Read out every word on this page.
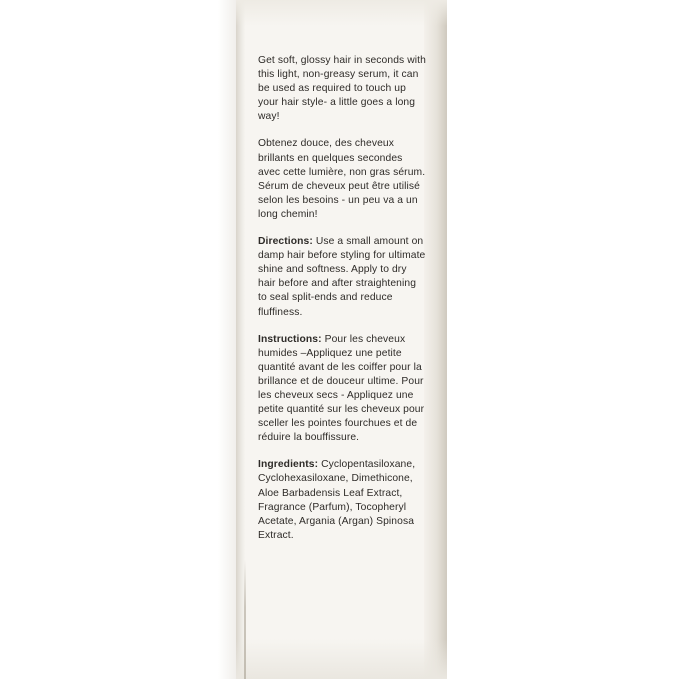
Get soft, glossy hair in seconds with this light, non-greasy serum, it can be used as required to touch up your hair style- a little goes a long way!

Obtenez douce, des cheveux brillants en quelques secondes avec cette lumière, non gras sérum. Sérum de cheveux peut être utilisé selon les besoins - un peu va a un long chemin!

Directions: Use a small amount on damp hair before styling for ultimate shine and softness. Apply to dry hair before and after straightening to seal split-ends and reduce fluffiness.

Instructions: Pour les cheveux humides –Appliquez une petite quantité avant de les coiffer pour la brillance et de douceur ultime. Pour les cheveux secs - Appliquez une petite quantité sur les cheveux pour sceller les pointes fourchues et de réduire la bouffissure.

Ingredients: Cyclopentasiloxane, Cyclohexasiloxane, Dimethicone, Aloe Barbadensis Leaf Extract, Fragrance (Parfum), Tocopheryl Acetate, Argania (Argan) Spinosa Extract.
